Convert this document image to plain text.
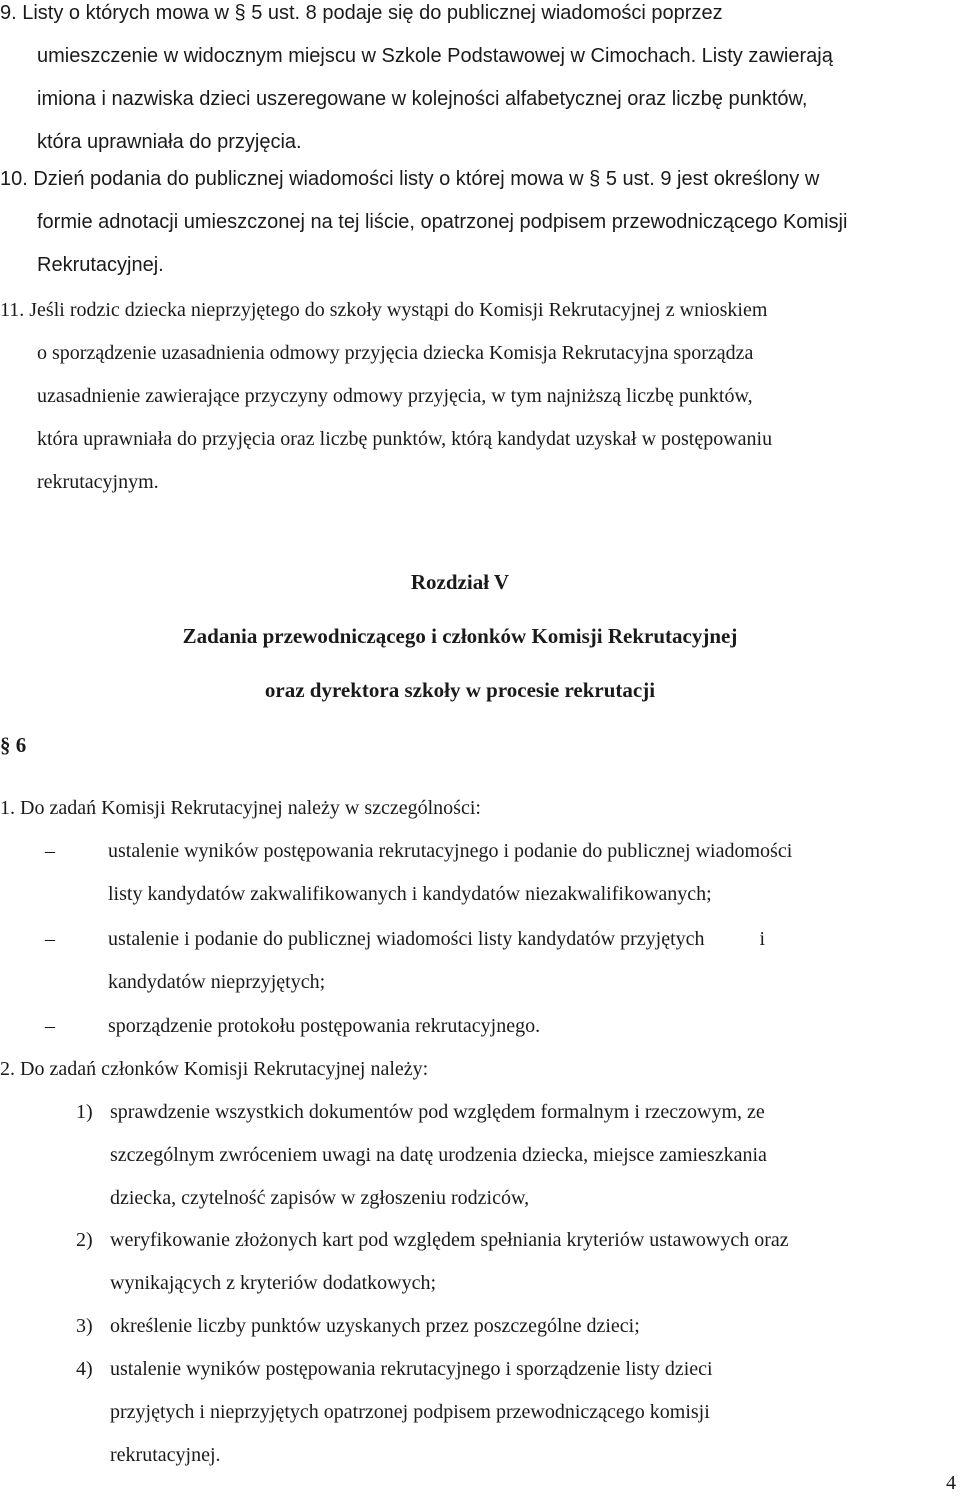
9. Listy o których mowa w § 5 ust. 8 podaje się do publicznej wiadomości poprzez
umieszczenie w widocznym miejscu w Szkole Podstawowej w Cimochach. Listy zawierają
imiona i nazwiska dzieci uszeregowane w kolejności alfabetycznej oraz liczbę punktów,
która uprawniała do przyjęcia.
10. Dzień podania do publicznej wiadomości listy o której mowa w § 5 ust. 9 jest określony w
formie adnotacji umieszczonej na tej liście, opatrzonej podpisem przewodniczącego Komisji
Rekrutacyjnej.
11. Jeśli rodzic dziecka nieprzyjętego do szkoły wystąpi do Komisji Rekrutacyjnej z wnioskiem
o sporządzenie uzasadnienia odmowy przyjęcia dziecka Komisja Rekrutacyjna sporządza
uzasadnienie zawierające przyczyny odmowy przyjęcia, w tym najniższą liczbę punktów,
która uprawniała do przyjęcia oraz liczbę punktów, którą kandydat uzyskał w postępowaniu
rekrutacyjnym.
Rozdział V
Zadania przewodniczącego i członków Komisji Rekrutacyjnej
oraz dyrektora szkoły w procesie rekrutacji
§ 6
1. Do zadań Komisji Rekrutacyjnej należy w szczególności:
–	ustalenie wyników postępowania rekrutacyjnego i podanie do publicznej wiadomości
listy kandydatów zakwalifikowanych i kandydatów niezakwalifikowanych;
–	ustalenie i podanie do publicznej wiadomości listy kandydatów przyjętych           i
kandydatów nieprzyjętych;
–	sporządzenie protokołu postępowania rekrutacyjnego.
2. Do zadań członków Komisji Rekrutacyjnej należy:
1) sprawdzenie wszystkich dokumentów pod względem formalnym i rzeczowym, ze
szczególnym zwróceniem uwagi na datę urodzenia dziecka, miejsce zamieszkania
dziecka, czytelność zapisów w zgłoszeniu rodziców,
2) weryfikowanie złożonych kart pod względem spełniania kryteriów ustawowych oraz
wynikających z kryteriów dodatkowych;
3) określenie liczby punktów uzyskanych przez poszczególne dzieci;
4) ustalenie wyników postępowania rekrutacyjnego i sporządzenie listy dzieci
przyjętych i nieprzyjętych opatrzonej podpisem przewodniczącego komisji
rekrutacyjnej.
4
